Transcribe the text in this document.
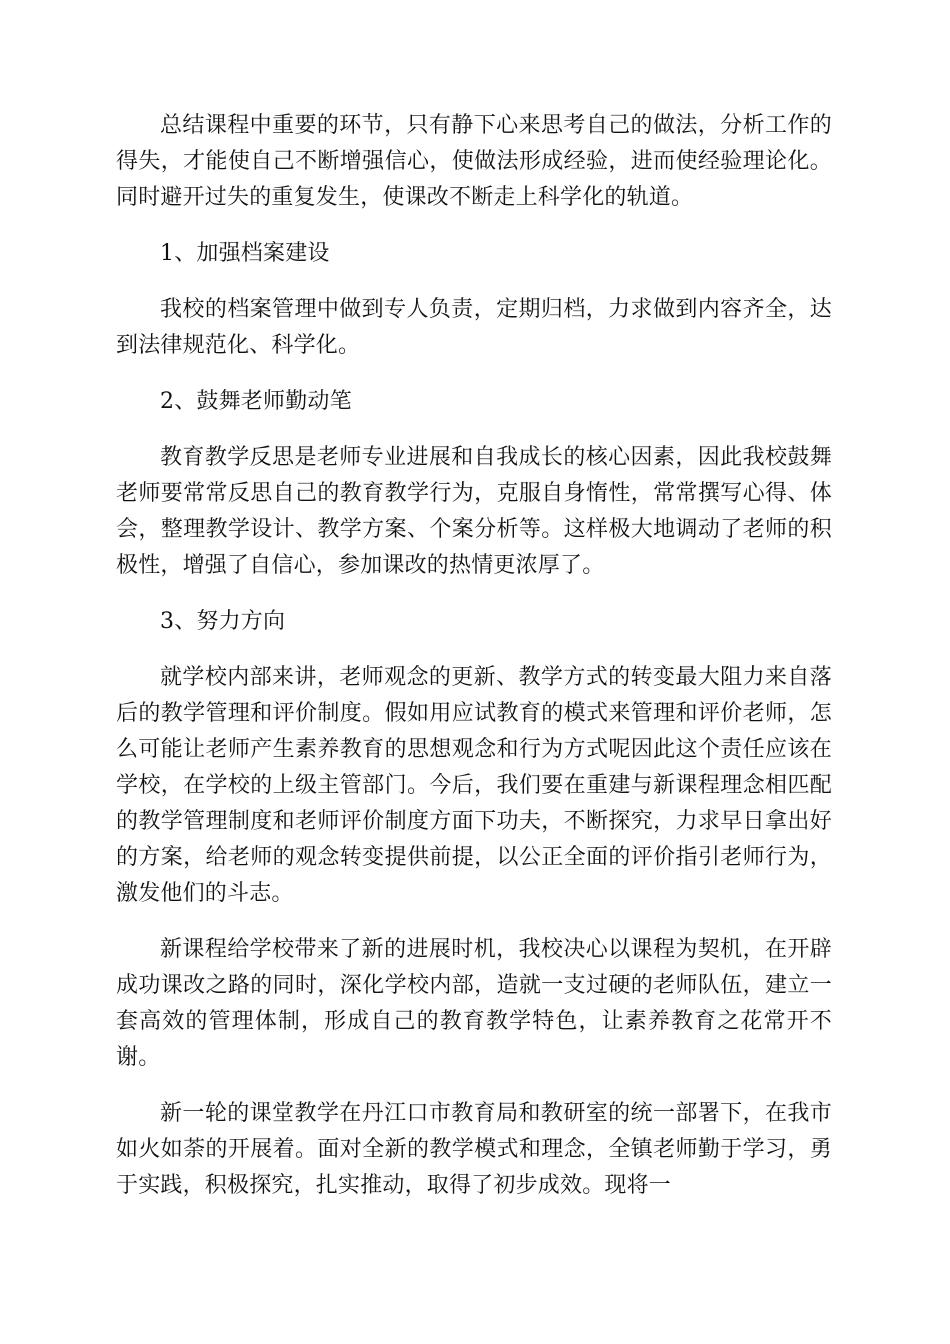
总结课程中重要的环节，只有静下心来思考自己的做法，分析工作的得失，才能使自己不断增强信心，使做法形成经验，进而使经验理论化。同时避开过失的重复发生，使课改不断走上科学化的轨道。

1、加强档案建设

我校的档案管理中做到专人负责，定期归档，力求做到内容齐全，达到法律规范化、科学化。

2、鼓舞老师勤动笔

教育教学反思是老师专业进展和自我成长的核心因素，因此我校鼓舞老师要常常反思自己的教育教学行为，克服自身惰性，常常撰写心得、体会，整理教学设计、教学方案、个案分析等。这样极大地调动了老师的积极性，增强了自信心，参加课改的热情更浓厚了。

3、努力方向

就学校内部来讲，老师观念的更新、教学方式的转变最大阻力来自落后的教学管理和评价制度。假如用应试教育的模式来管理和评价老师，怎么可能让老师产生素养教育的思想观念和行为方式呢因此这个责任应该在学校，在学校的上级主管部门。今后，我们要在重建与新课程理念相匹配的教学管理制度和老师评价制度方面下功夫，不断探究，力求早日拿出好的方案，给老师的观念转变提供前提，以公正全面的评价指引老师行为，激发他们的斗志。

新课程给学校带来了新的进展时机，我校决心以课程为契机，在开辟成功课改之路的同时，深化学校内部，造就一支过硬的老师队伍，建立一套高效的管理体制，形成自己的教育教学特色，让素养教育之花常开不谢。

新一轮的课堂教学在丹江口市教育局和教研室的统一部署下，在我市如火如荼的开展着。面对全新的教学模式和理念，全镇老师勤于学习，勇于实践，积极探究，扎实推动，取得了初步成效。现将一
